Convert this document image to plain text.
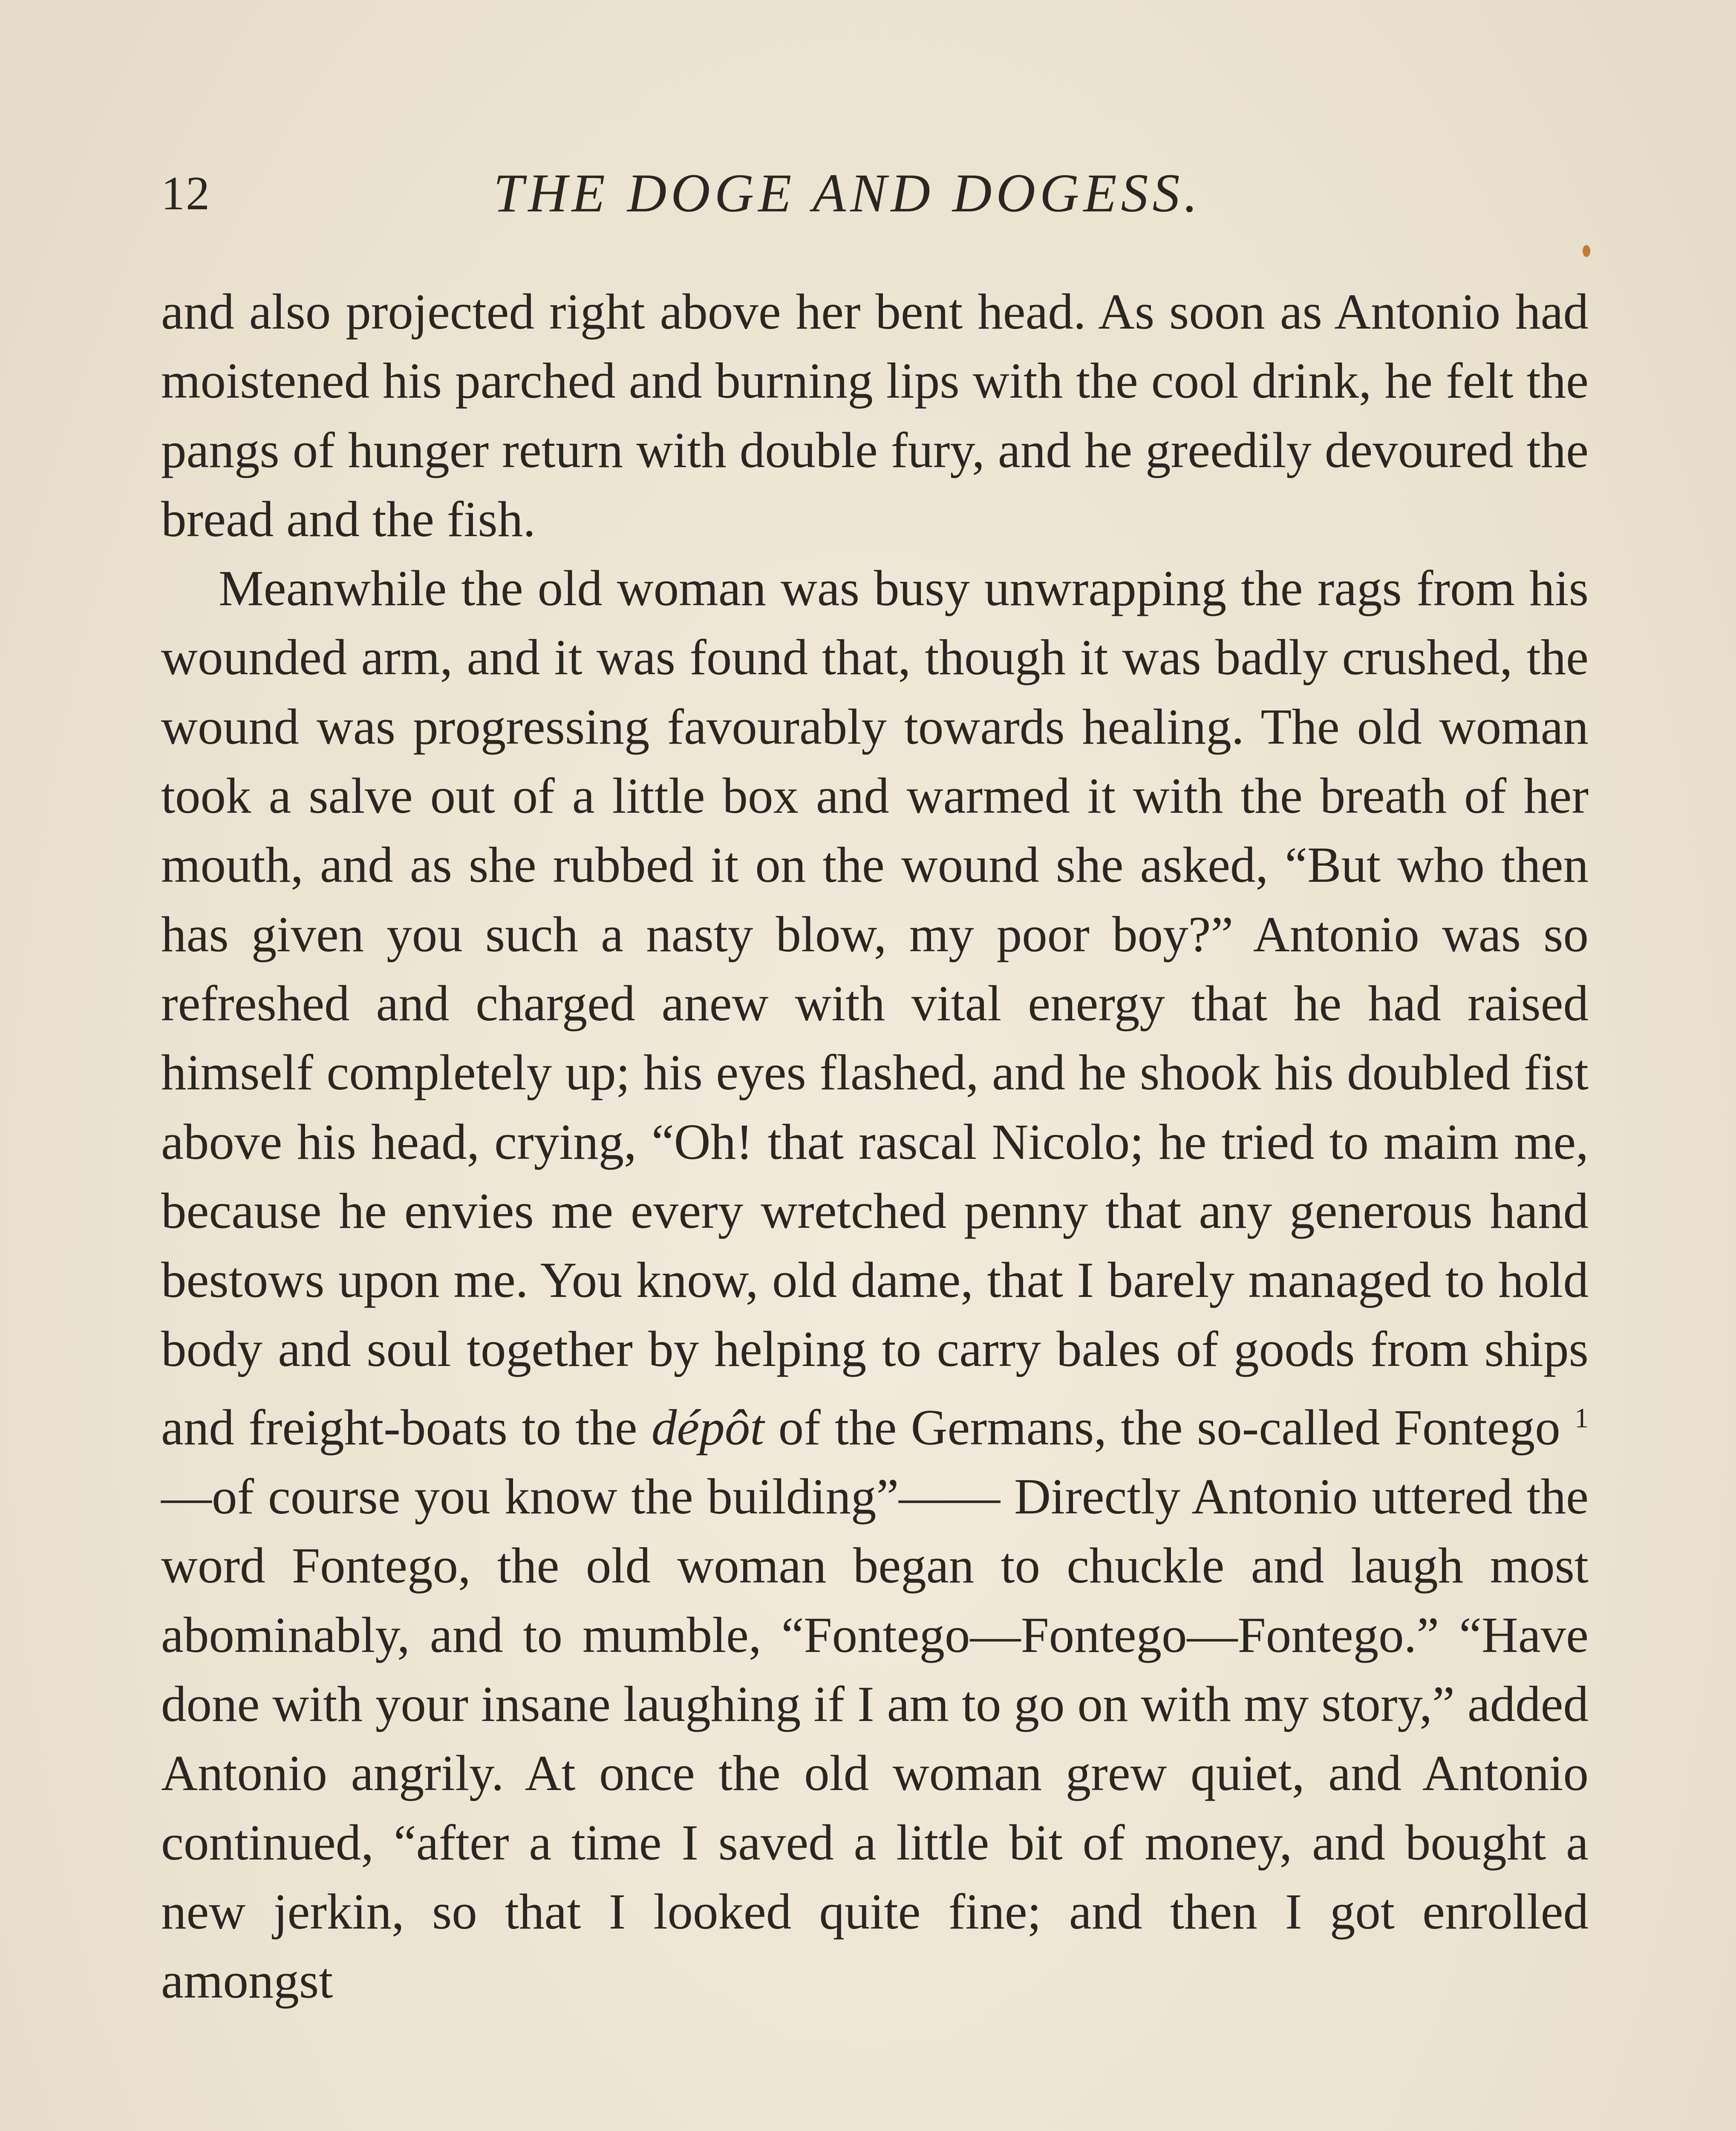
12	THE DOGE AND DOGESS.

and also projected right above her bent head. As soon as Antonio had moistened his parched and burning lips with the cool drink, he felt the pangs of hunger return with double fury, and he greedily devoured the bread and the fish.

Meanwhile the old woman was busy unwrapping the rags from his wounded arm, and it was found that, though it was badly crushed, the wound was progressing favourably towards healing. The old woman took a salve out of a little box and warmed it with the breath of her mouth, and as she rubbed it on the wound she asked, “But who then has given you such a nasty blow, my poor boy?” Antonio was so refreshed and charged anew with vital energy that he had raised himself completely up; his eyes flashed, and he shook his doubled fist above his head, crying, “Oh! that rascal Nicolo; he tried to maim me, because he envies me every wretched penny that any generous hand bestows upon me. You know, old dame, that I barely managed to hold body and soul together by helping to carry bales of goods from ships and freight-boats to the dépôt of the Germans, the so-called Fontego $^1$—of course you know the building”—— Directly Antonio uttered the word Fontego, the old woman began to chuckle and laugh most abominably, and to mumble, “Fontego—Fontego—Fontego.” “Have done with your insane laughing if I am to go on with my story,” added Antonio angrily. At once the old woman grew quiet, and Antonio continued, “after a time I saved a little bit of money, and bought a new jerkin, so that I looked quite fine; and then I got enrolled amongst
